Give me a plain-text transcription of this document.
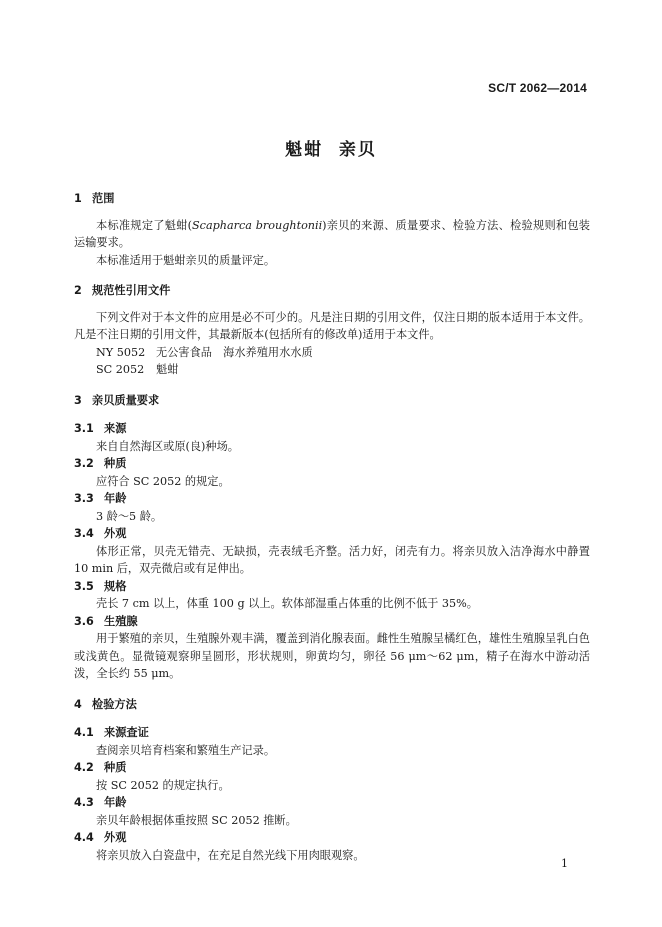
SC/T 2062—2014
魁蚶  亲贝
1 范围
本标准规定了魁蚶(Scapharca broughtonii)亲贝的来源、质量要求、检验方法、检验规则和包装运输要求。
本标准适用于魁蚶亲贝的质量评定。
2 规范性引用文件
下列文件对于本文件的应用是必不可少的。凡是注日期的引用文件，仅注日期的版本适用于本文件。凡是不注日期的引用文件，其最新版本(包括所有的修改单)适用于本文件。
NY 5052 无公害食品　海水养殖用水水质
SC 2052 魁蚶
3 亲贝质量要求
3.1 来源
来自自然海区或原(良)种场。
3.2 种质
应符合 SC 2052 的规定。
3.3 年龄
3 龄～5 龄。
3.4 外观
体形正常，贝壳无错壳、无缺损，壳表绒毛齐整。活力好，闭壳有力。将亲贝放入洁净海水中静置 10 min 后，双壳微启或有足伸出。
3.5 规格
壳长 7 cm 以上，体重 100 g 以上。软体部湿重占体重的比例不低于 35%。
3.6 生殖腺
用于繁殖的亲贝，生殖腺外观丰满，覆盖到消化腺表面。雌性生殖腺呈橘红色，雄性生殖腺呈乳白色或浅黄色。显微镜观察卵呈圆形，形状规则，卵黄均匀，卵径 56 μm～62 μm，精子在海水中游动活泼，全长约 55 μm。
4 检验方法
4.1 来源查证
查阅亲贝培育档案和繁殖生产记录。
4.2 种质
按 SC 2052 的规定执行。
4.3 年龄
亲贝年龄根据体重按照 SC 2052 推断。
4.4 外观
将亲贝放入白瓷盘中，在充足自然光线下用肉眼观察。
1
